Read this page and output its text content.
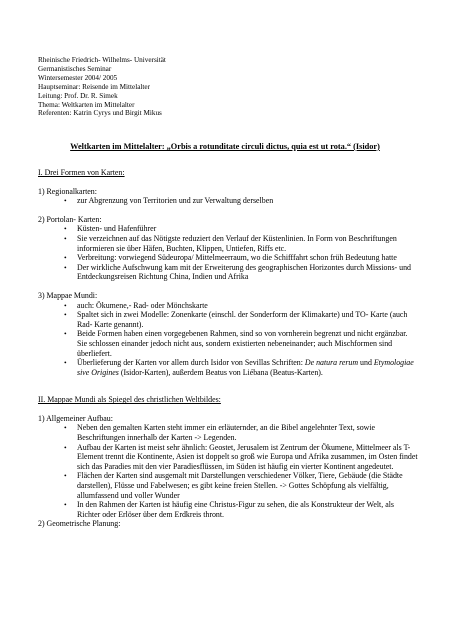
Rheinische Friedrich- Wilhelms- Universität
Germanistisches Seminar
Wintersemester 2004/ 2005
Hauptseminar: Reisende im Mittelalter
Leitung: Prof. Dr. R. Simek
Thema: Weltkarten im Mittelalter
Referenten: Katrin Cyrys und Birgit Mikus
Weltkarten im Mittelalter: „Orbis a rotunditate circuli dictus, quia est ut rota.“ (Isidor)
I. Drei Formen von Karten:
1) Regionalkarten:
• zur Abgrenzung von Territorien und zur Verwaltung derselben
2) Portolan- Karten:
• Küsten- und Hafenführer
• Sie verzeichnen auf das Nötigste reduziert den Verlauf der Küstenlinien. In Form von Beschriftungen informieren sie über Häfen, Buchten, Klippen, Untiefen, Riffs etc.
• Verbreitung: vorwiegend Südeuropa/ Mittelmeerraum, wo die Schifffahrt schon früh Bedeutung hatte
• Der wirkliche Aufschwung kam mit der Erweiterung des geographischen Horizontes durch Missions- und Entdeckungsreisen Richtung China, Indien und Afrika
3) Mappae Mundi:
• auch: Ökumene,- Rad- oder Mönchskarte
• Spaltet sich in zwei Modelle: Zonenkarte (einschl. der Sonderform der Klimakarte) und TO- Karte (auch Rad- Karte genannt).
• Beide Formen haben einen vorgegebenen Rahmen, sind so von vornherein begrenzt und nicht ergänzbar. Sie schlossen einander jedoch nicht aus, sondern existierten nebeneinander; auch Mischformen sind überliefert.
• Überlieferung der Karten vor allem durch Isidor von Sevillas Schriften: De natura rerum und Etymologiae sive Origines (Isidor-Karten), außerdem Beatus von Liébana (Beatus-Karten).
II. Mappae Mundi als Spiegel des christlichen Weltbildes:
1) Allgemeiner Aufbau:
• Neben den gemalten Karten steht immer ein erläuternder, an die Bibel angelehnter Text, sowie Beschriftungen innerhalb der Karten -> Legenden.
• Aufbau der Karten ist meist sehr ähnlich: Geostet, Jerusalem ist Zentrum der Ökumene, Mittelmeer als T-Element trennt die Kontinente, Asien ist doppelt so groß wie Europa und Afrika zusammen, im Osten findet sich das Paradies mit den vier Paradiesflüssen, im Süden ist häufig ein vierter Kontinent angedeutet.
• Flächen der Karten sind ausgemalt mit Darstellungen verschiedener Völker, Tiere, Gebäude (die Städte darstellen), Flüsse und Fabelwesen; es gibt keine freien Stellen. -> Gottes Schöpfung als vielfältig, allumfassend und voller Wunder
• In den Rahmen der Karten ist häufig eine Christus-Figur zu sehen, die als Konstrukteur der Welt, als Richter oder Erlöser über dem Erdkreis thront.
2) Geometrische Planung:
